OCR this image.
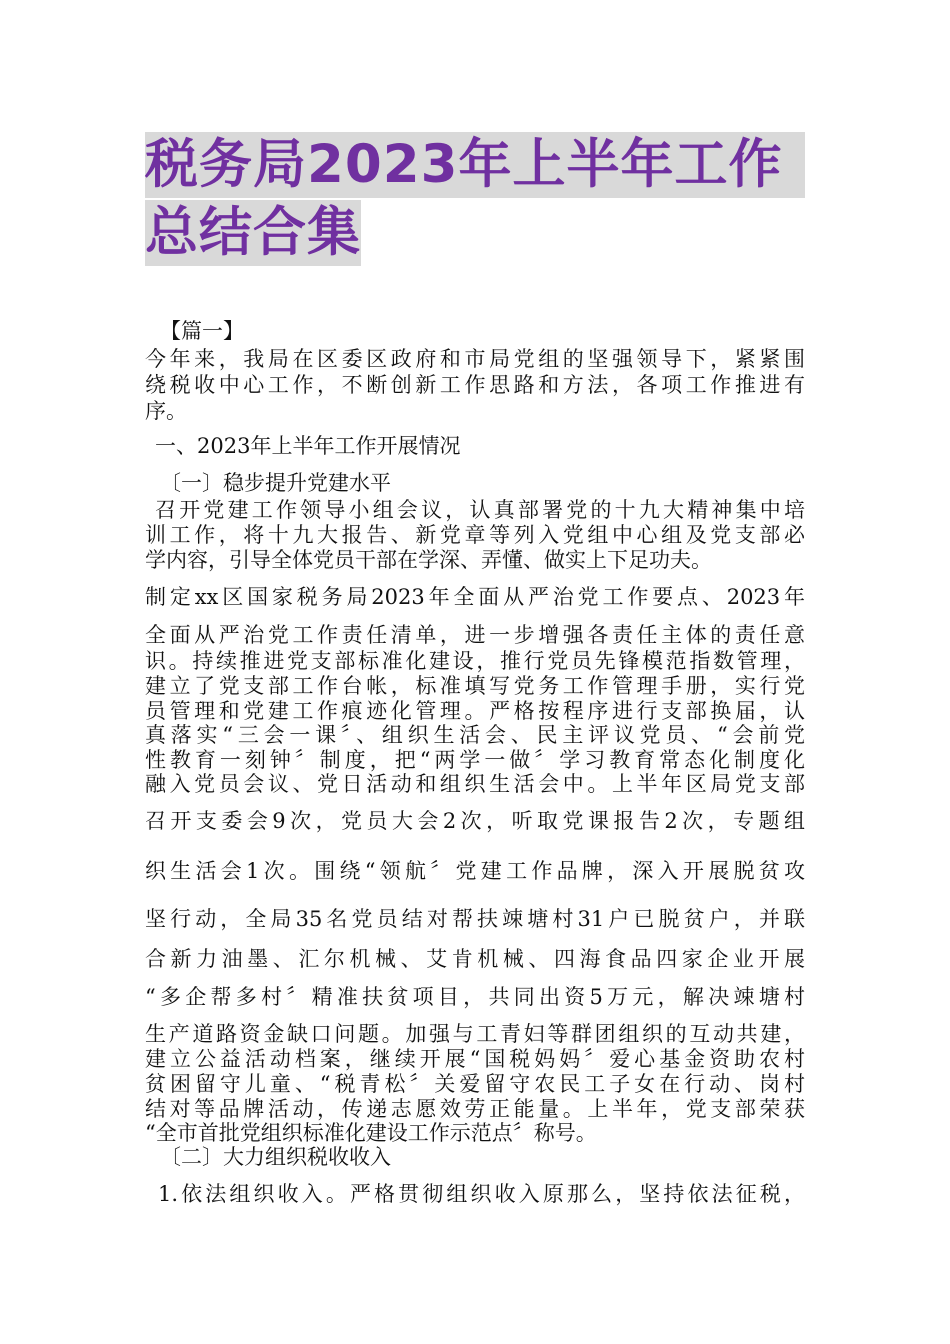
税务局2023年上半年工作
总结合集
【篇一】
今年来，我局在区委区政府和市局党组的坚强领导下，紧紧围
绕税收中心工作，不断创新工作思路和方法，各项工作推进有
序。
一、2023年上半年工作开展情况
〔一〕稳步提升党建水平
召开党建工作领导小组会议，认真部署党的十九大精神集中培
训工作，将十九大报告、新党章等列入党组中心组及党支部必
学内容，引导全体党员干部在学深、弄懂、做实上下足功夫。
制定xx区国家税务局2023年全面从严治党工作要点、2023年
全面从严治党工作责任清单，进一步增强各责任主体的责任意
识。持续推进党支部标准化建设，推行党员先锋模范指数管理，
建立了党支部工作台帐，标准填写党务工作管理手册，实行党
员管理和党建工作痕迹化管理。严格按程序进行支部换届，认
真落实“三会一课〞、组织生活会、民主评议党员、“会前党
性教育一刻钟〞制度，把“两学一做〞学习教育常态化制度化
融入党员会议、党日活动和组织生活会中。上半年区局党支部
召开支委会9次，党员大会2次，听取党课报告2次，专题组
织生活会1次。围绕“领航〞党建工作品牌，深入开展脱贫攻
坚行动，全局35名党员结对帮扶竦塘村31户已脱贫户，并联
合新力油墨、汇尔机械、艾肯机械、四海食品四家企业开展
“多企帮多村〞精准扶贫项目，共同出资5万元，解决竦塘村
生产道路资金缺口问题。加强与工青妇等群团组织的互动共建，
建立公益活动档案，继续开展“国税妈妈〞爱心基金资助农村
贫困留守儿童、“税青松〞关爱留守农民工子女在行动、岗村
结对等品牌活动，传递志愿效劳正能量。上半年，党支部荣获
“全市首批党组织标准化建设工作示范点〞称号。
〔二〕大力组织税收收入
1.依法组织收入。严格贯彻组织收入原那么，坚持依法征税，
